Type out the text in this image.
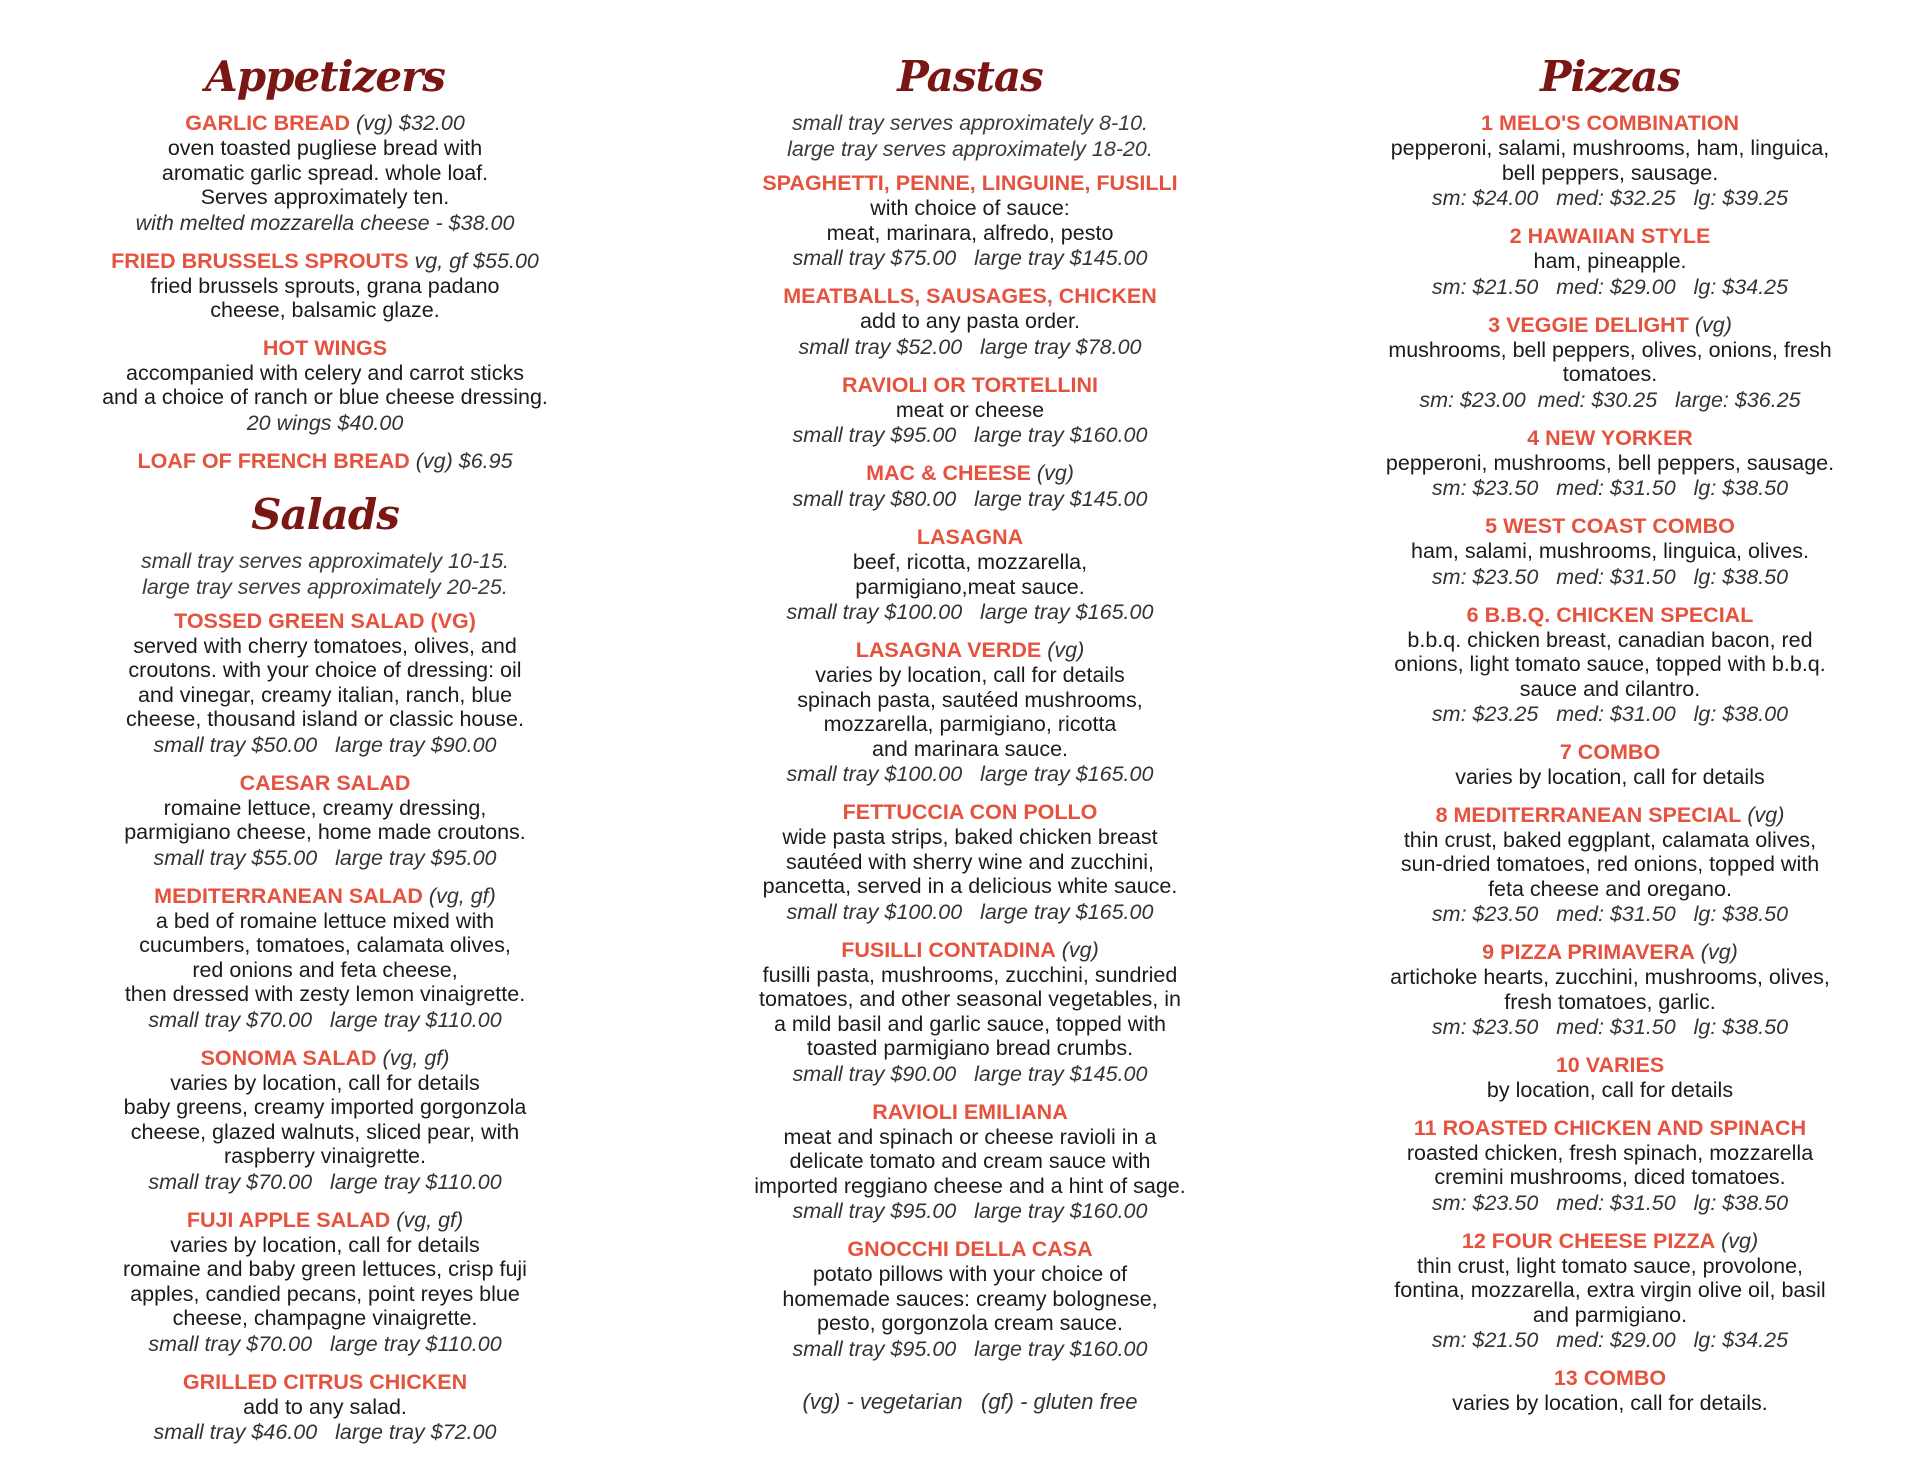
Appetizers
GARLIC BREAD (vg) $32.00
oven toasted pugliese bread with
aromatic garlic spread. whole loaf.
Serves approximately ten.
with melted mozzarella cheese - $38.00
FRIED BRUSSELS SPROUTS vg, gf $55.00
fried brussels sprouts, grana padano
cheese, balsamic glaze.
HOT WINGS
accompanied with celery and carrot sticks
and a choice of ranch or blue cheese dressing.
20 wings $40.00
LOAF OF FRENCH BREAD (vg) $6.95
Salads
small tray serves approximately 10-15.
large tray serves approximately 20-25.
TOSSED GREEN SALAD (VG)
served with cherry tomatoes, olives, and
croutons. with your choice of dressing: oil
and vinegar, creamy italian, ranch, blue
cheese, thousand island or classic house.
small tray $50.00   large tray $90.00
CAESAR SALAD
romaine lettuce, creamy dressing,
parmigiano cheese, home made croutons.
small tray $55.00   large tray $95.00
MEDITERRANEAN SALAD (vg, gf)
a bed of romaine lettuce mixed with
cucumbers, tomatoes, calamata olives,
red onions and feta cheese,
then dressed with zesty lemon vinaigrette.
small tray $70.00   large tray $110.00
SONOMA SALAD (vg, gf)
varies by location, call for details
baby greens, creamy imported gorgonzola
cheese, glazed walnuts, sliced pear, with
raspberry vinaigrette.
small tray $70.00   large tray $110.00
FUJI APPLE SALAD (vg, gf)
varies by location, call for details
romaine and baby green lettuces, crisp fuji
apples, candied pecans, point reyes blue
cheese, champagne vinaigrette.
small tray $70.00   large tray $110.00
GRILLED CITRUS CHICKEN
add to any salad.
small tray $46.00   large tray $72.00
Pastas
small tray serves approximately 8-10.
large tray serves approximately 18-20.
SPAGHETTI, PENNE, LINGUINE, FUSILLI
with choice of sauce:
meat, marinara, alfredo, pesto
small tray $75.00   large tray $145.00
MEATBALLS, SAUSAGES, CHICKEN
add to any pasta order.
small tray $52.00   large tray $78.00
RAVIOLI OR TORTELLINI
meat or cheese
small tray $95.00   large tray $160.00
MAC & CHEESE (vg)
small tray $80.00   large tray $145.00
LASAGNA
beef, ricotta, mozzarella,
parmigiano,meat sauce.
small tray $100.00   large tray $165.00
LASAGNA VERDE (vg)
varies by location, call for details
spinach pasta, sautéed mushrooms,
mozzarella, parmigiano, ricotta
and marinara sauce.
small tray $100.00   large tray $165.00
FETTUCCIA CON POLLO
wide pasta strips, baked chicken breast
sautéed with sherry wine and zucchini,
pancetta, served in a delicious white sauce.
small tray $100.00   large tray $165.00
FUSILLI CONTADINA (vg)
fusilli pasta, mushrooms, zucchini, sundried
tomatoes, and other seasonal vegetables, in
a mild basil and garlic sauce, topped with
toasted parmigiano bread crumbs.
small tray $90.00   large tray $145.00
RAVIOLI EMILIANA
meat and spinach or cheese ravioli in a
delicate tomato and cream sauce with
imported reggiano cheese and a hint of sage.
small tray $95.00   large tray $160.00
GNOCCHI DELLA CASA
potato pillows with your choice of
homemade sauces: creamy bolognese,
pesto, gorgonzola cream sauce.
small tray $95.00   large tray $160.00
(vg) - vegetarian   (gf) - gluten free
Pizzas
1 MELO'S COMBINATION
pepperoni, salami, mushrooms, ham, linguica,
bell peppers, sausage.
sm: $24.00   med: $32.25   lg: $39.25
2 HAWAIIAN STYLE
ham, pineapple.
sm: $21.50   med: $29.00   lg: $34.25
3 VEGGIE DELIGHT (vg)
mushrooms, bell peppers, olives, onions, fresh
tomatoes.
sm: $23.00  med: $30.25   large: $36.25
4 NEW YORKER
pepperoni, mushrooms, bell peppers, sausage.
sm: $23.50   med: $31.50   lg: $38.50
5 WEST COAST COMBO
ham, salami, mushrooms, linguica, olives.
sm: $23.50   med: $31.50   lg: $38.50
6 B.B.Q. CHICKEN SPECIAL
b.b.q. chicken breast, canadian bacon, red
onions, light tomato sauce, topped with b.b.q.
sauce and cilantro.
sm: $23.25   med: $31.00   lg: $38.00
7 COMBO
varies by location, call for details
8 MEDITERRANEAN SPECIAL (vg)
thin crust, baked eggplant, calamata olives,
sun-dried tomatoes, red onions, topped with
feta cheese and oregano.
sm: $23.50   med: $31.50   lg: $38.50
9 PIZZA PRIMAVERA (vg)
artichoke hearts, zucchini, mushrooms, olives,
fresh tomatoes, garlic.
sm: $23.50   med: $31.50   lg: $38.50
10 VARIES
by location, call for details
11 ROASTED CHICKEN AND SPINACH
roasted chicken, fresh spinach, mozzarella
cremini mushrooms, diced tomatoes.
sm: $23.50   med: $31.50   lg: $38.50
12 FOUR CHEESE PIZZA (vg)
thin crust, light tomato sauce, provolone,
fontina, mozzarella, extra virgin olive oil, basil
and parmigiano.
sm: $21.50   med: $29.00   lg: $34.25
13 COMBO
varies by location, call for details.
